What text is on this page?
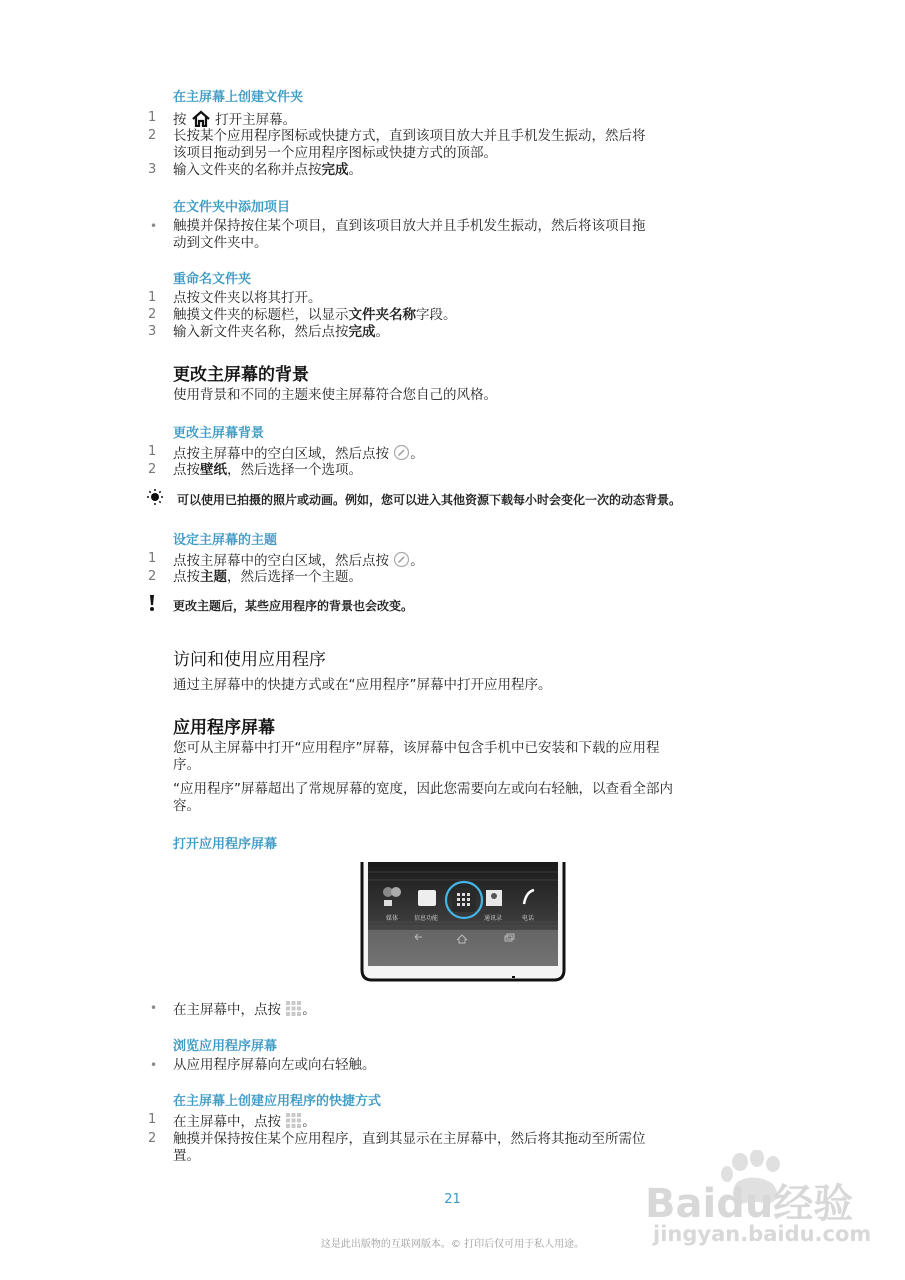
在主屏幕上创建文件夹
1	按 打开主屏幕。
2	长按某个应用程序图标或快捷方式，直到该项目放大并且手机发生振动，然后将
该项目拖动到另一个应用程序图标或快捷方式的顶部。
3	输入文件夹的名称并点按完成。
在文件夹中添加项目
• 触摸并保持按住某个项目，直到该项目放大并且手机发生振动，然后将该项目拖
动到文件夹中。
重命名文件夹
1	点按文件夹以将其打开。
2	触摸文件夹的标题栏，以显示文件夹名称字段。
3	输入新文件夹名称，然后点按完成。
更改主屏幕的背景
使用背景和不同的主题来使主屏幕符合您自己的风格。
更改主屏幕背景
1	点按主屏幕中的空白区域，然后点按 。
2	点按壁纸，然后选择一个选项。
可以使用已拍摄的照片或动画。例如，您可以进入其他资源下载每小时会变化一次的动态背景。
设定主屏幕的主题
1	点按主屏幕中的空白区域，然后点按 。
2	点按主题，然后选择一个主题。
更改主题后，某些应用程序的背景也会改变。
访问和使用应用程序
通过主屏幕中的快捷方式或在“应用程序”屏幕中打开应用程序。
应用程序屏幕
您可从主屏幕中打开“应用程序”屏幕，该屏幕中包含手机中已安装和下载的应用程
序。
“应用程序”屏幕超出了常规屏幕的宽度，因此您需要向左或向右轻触，以查看全部内
容。
打开应用程序屏幕
媒体	信息功能	通讯录	电话
• 在主屏幕中，点按 。
浏览应用程序屏幕
• 从应用程序屏幕向左或向右轻触。
在主屏幕上创建应用程序的快捷方式
1	在主屏幕中，点按 。
2	触摸并保持按住某个应用程序，直到其显示在主屏幕中，然后将其拖动至所需位
置。
21
这是此出版物的互联网版本。© 打印后仅可用于私人用途。
Baidu经验
jingyan.baidu.com
